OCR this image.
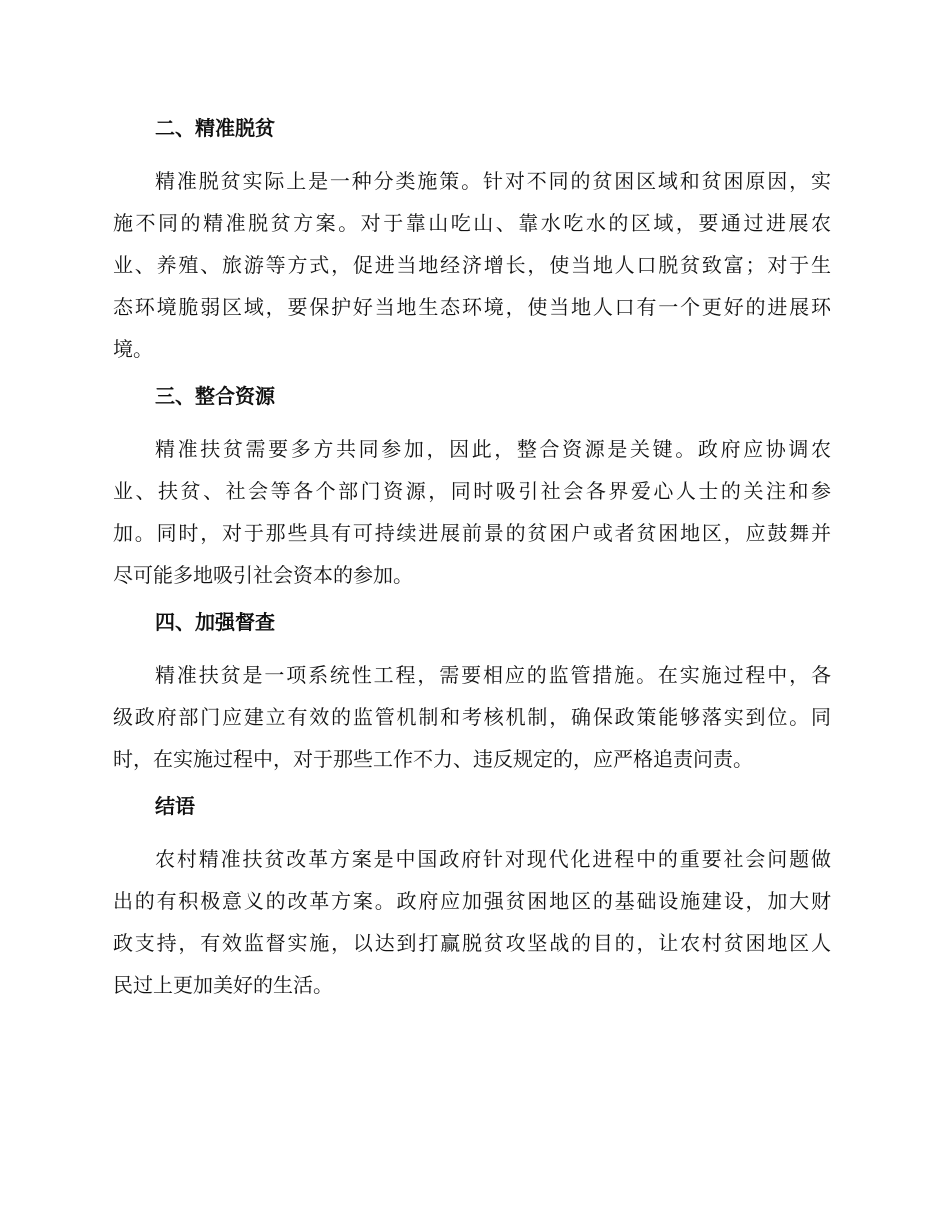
二、精准脱贫
精准脱贫实际上是一种分类施策。针对不同的贫困区域和贫困原因，实
施不同的精准脱贫方案。对于靠山吃山、靠水吃水的区域，要通过进展农
业、养殖、旅游等方式，促进当地经济增长，使当地人口脱贫致富；对于生
态环境脆弱区域，要保护好当地生态环境，使当地人口有一个更好的进展环
境。
三、整合资源
精准扶贫需要多方共同参加，因此，整合资源是关键。政府应协调农
业、扶贫、社会等各个部门资源，同时吸引社会各界爱心人士的关注和参
加。同时，对于那些具有可持续进展前景的贫困户或者贫困地区，应鼓舞并
尽可能多地吸引社会资本的参加。
四、加强督查
精准扶贫是一项系统性工程，需要相应的监管措施。在实施过程中，各
级政府部门应建立有效的监管机制和考核机制，确保政策能够落实到位。同
时，在实施过程中，对于那些工作不力、违反规定的，应严格追责问责。
结语
农村精准扶贫改革方案是中国政府针对现代化进程中的重要社会问题做
出的有积极意义的改革方案。政府应加强贫困地区的基础设施建设，加大财
政支持，有效监督实施，以达到打赢脱贫攻坚战的目的，让农村贫困地区人
民过上更加美好的生活。
